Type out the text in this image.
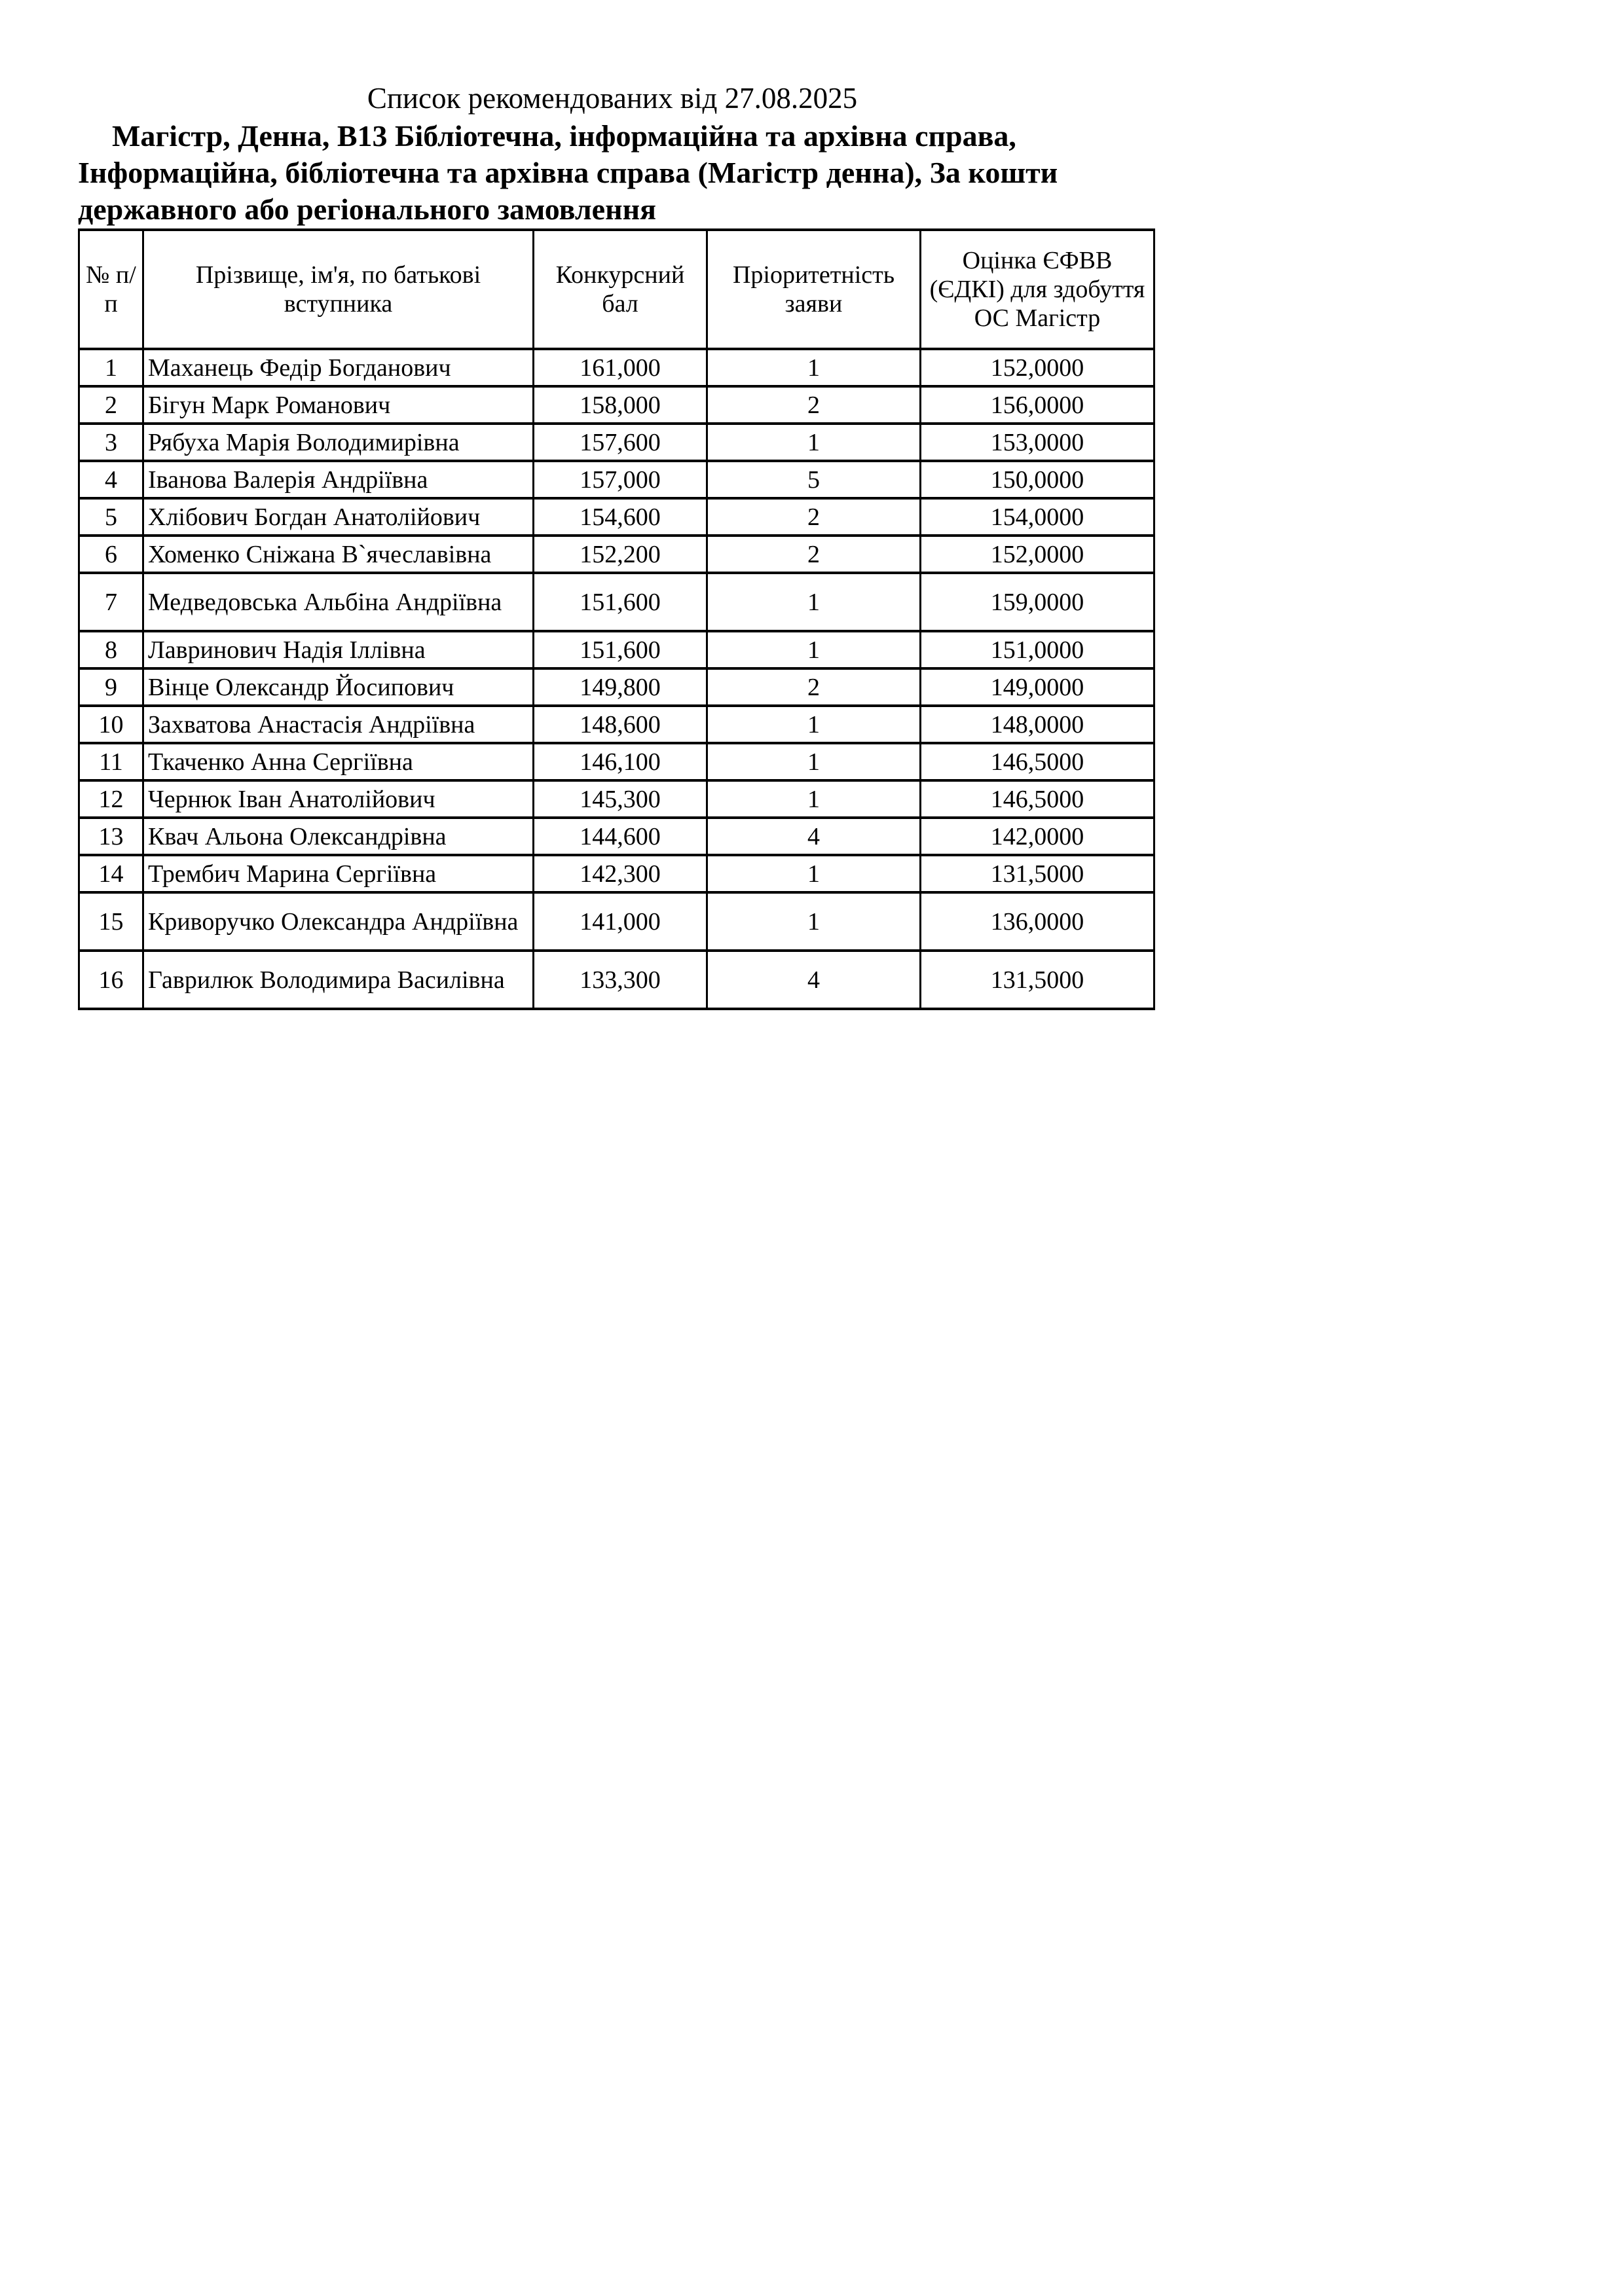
Список рекомендованих від 27.08.2025
Магістр, Денна, B13 Бібліотечна, інформаційна та архівна справа, Інформаційна, бібліотечна та архівна справа (Магістр денна), За кошти державного або регіонального замовлення
№ п/п	Прізвище, ім'я, по батькові вступника	Конкурсний бал	Пріоритетність заяви	Оцінка ЄФВВ (ЄДКІ) для здобуття ОС Магістр
1	Маханець Федір Богданович	161,000	1	152,0000
2	Бігун Марк Романович	158,000	2	156,0000
3	Рябуха Марія Володимирівна	157,600	1	153,0000
4	Іванова Валерія Андріївна	157,000	5	150,0000
5	Хлібович Богдан Анатолійович	154,600	2	154,0000
6	Хоменко Сніжана В`ячеславівна	152,200	2	152,0000
7	Медведовська Альбіна Андріївна	151,600	1	159,0000
8	Лавринович Надія Іллівна	151,600	1	151,0000
9	Вінце Олександр Йосипович	149,800	2	149,0000
10	Захватова Анастасія Андріївна	148,600	1	148,0000
11	Ткаченко Анна Сергіївна	146,100	1	146,5000
12	Чернюк Іван Анатолійович	145,300	1	146,5000
13	Квач Альона Олександрівна	144,600	4	142,0000
14	Трембич Марина Сергіївна	142,300	1	131,5000
15	Криворучко Олександра Андріївна	141,000	1	136,0000
16	Гаврилюк Володимира Василівна	133,300	4	131,5000
